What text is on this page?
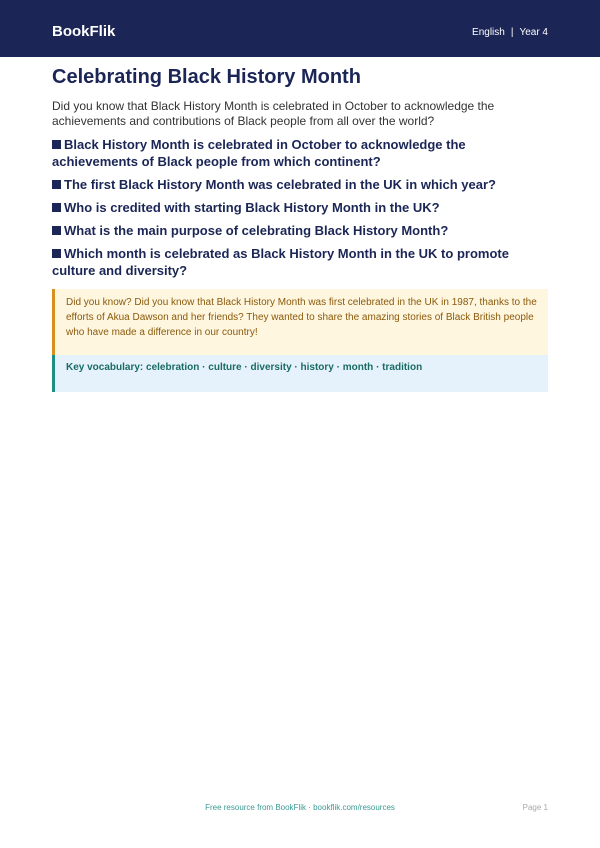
BookFlik	English | Year 4
Celebrating Black History Month

Did you know that Black History Month is celebrated in October to acknowledge the achievements and contributions of Black people from all over the world?

Black History Month is celebrated in October to acknowledge the achievements of Black people from which continent?
The first Black History Month was celebrated in the UK in which year?
Who is credited with starting Black History Month in the UK?
What is the main purpose of celebrating Black History Month?
Which month is celebrated as Black History Month in the UK to promote culture and diversity?
Did you know? Did you know that Black History Month was first celebrated in the UK in 1987, thanks to the efforts of Akua Dawson and her friends? They wanted to share the amazing stories of Black British people who have made a difference in our country!
Key vocabulary: celebration · culture · diversity · history · month · tradition
Free resource from BookFlik · bookflik.com/resources	Page 1
